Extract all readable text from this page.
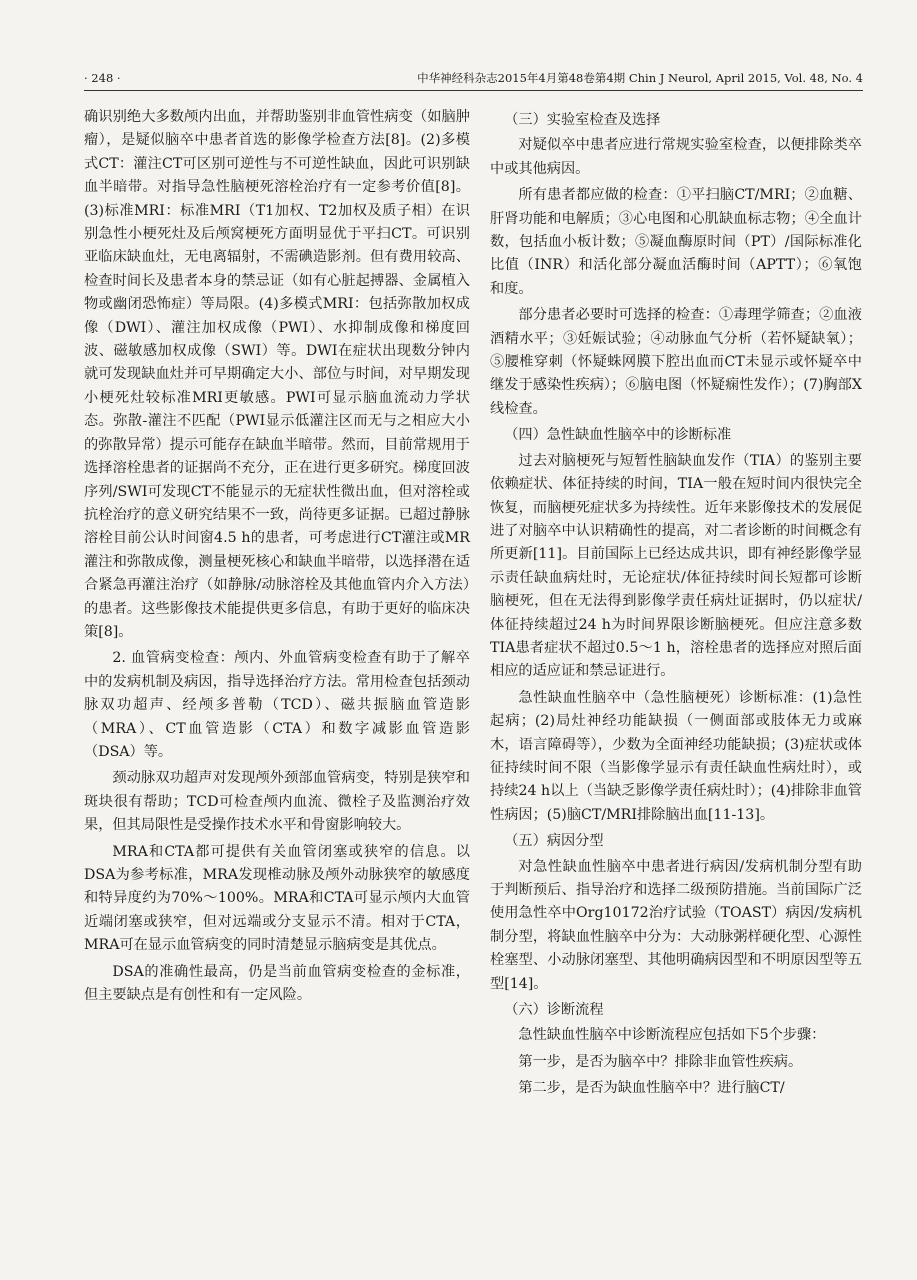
· 248 ·	中华神经科杂志2015年4月第48卷第4期 Chin J Neurol, April 2015, Vol. 48, No. 4

确识别绝大多数颅内出血，并帮助鉴别非血管性病变（如脑肿瘤），是疑似脑卒中患者首选的影像学检查方法[8]。(2)多模式CT：灌注CT可区别可逆性与不可逆性缺血，因此可识别缺血半暗带。对指导急性脑梗死溶栓治疗有一定参考价值[8]。(3)标准MRI：标准MRI（T1加权、T2加权及质子相）在识别急性小梗死灶及后颅窝梗死方面明显优于平扫CT。可识别亚临床缺血灶，无电离辐射，不需碘造影剂。但有费用较高、检查时间长及患者本身的禁忌证（如有心脏起搏器、金属植入物或幽闭恐怖症）等局限。(4)多模式MRI：包括弥散加权成像（DWI）、灌注加权成像（PWI）、水抑制成像和梯度回波、磁敏感加权成像（SWI）等。DWI在症状出现数分钟内就可发现缺血灶并可早期确定大小、部位与时间，对早期发现小梗死灶较标准MRI更敏感。PWI可显示脑血流动力学状态。弥散-灌注不匹配（PWI显示低灌注区而无与之相应大小的弥散异常）提示可能存在缺血半暗带。然而，目前常规用于选择溶栓患者的证据尚不充分，正在进行更多研究。梯度回波序列/SWI可发现CT不能显示的无症状性微出血，但对溶栓或抗栓治疗的意义研究结果不一致，尚待更多证据。已超过静脉溶栓目前公认时间窗4.5 h的患者，可考虑进行CT灌注或MR灌注和弥散成像，测量梗死核心和缺血半暗带，以选择潜在适合紧急再灌注治疗（如静脉/动脉溶栓及其他血管内介入方法）的患者。这些影像技术能提供更多信息，有助于更好的临床决策[8]。

2. 血管病变检查：颅内、外血管病变检查有助于了解卒中的发病机制及病因，指导选择治疗方法。常用检查包括颈动脉双功超声、经颅多普勒（TCD）、磁共振脑血管造影（MRA）、CT血管造影（CTA）和数字减影血管造影（DSA）等。

颈动脉双功超声对发现颅外颈部血管病变，特别是狭窄和斑块很有帮助；TCD可检查颅内血流、微栓子及监测治疗效果，但其局限性是受操作技术水平和骨窗影响较大。

MRA和CTA都可提供有关血管闭塞或狭窄的信息。以DSA为参考标准，MRA发现椎动脉及颅外动脉狭窄的敏感度和特异度约为70%～100%。MRA和CTA可显示颅内大血管近端闭塞或狭窄，但对远端或分支显示不清。相对于CTA，MRA可在显示血管病变的同时清楚显示脑病变是其优点。

DSA的准确性最高，仍是当前血管病变检查的金标准，但主要缺点是有创性和有一定风险。

（三）实验室检查及选择

对疑似卒中患者应进行常规实验室检查，以便排除类卒中或其他病因。

所有患者都应做的检查：①平扫脑CT/MRI；②血糖、肝肾功能和电解质；③心电图和心肌缺血标志物；④全血计数，包括血小板计数；⑤凝血酶原时间（PT）/国际标准化比值（INR）和活化部分凝血活酶时间（APTT）；⑥氧饱和度。

部分患者必要时可选择的检查：①毒理学筛查；②血液酒精水平；③妊娠试验；④动脉血气分析（若怀疑缺氧）；⑤腰椎穿刺（怀疑蛛网膜下腔出血而CT未显示或怀疑卒中继发于感染性疾病）；⑥脑电图（怀疑痫性发作）；(7)胸部X线检查。

（四）急性缺血性脑卒中的诊断标准

过去对脑梗死与短暂性脑缺血发作（TIA）的鉴别主要依赖症状、体征持续的时间，TIA一般在短时间内很快完全恢复，而脑梗死症状多为持续性。近年来影像技术的发展促进了对脑卒中认识精确性的提高，对二者诊断的时间概念有所更新[11]。目前国际上已经达成共识，即有神经影像学显示责任缺血病灶时，无论症状/体征持续时间长短都可诊断脑梗死，但在无法得到影像学责任病灶证据时，仍以症状/体征持续超过24 h为时间界限诊断脑梗死。但应注意多数TIA患者症状不超过0.5～1 h，溶栓患者的选择应对照后面相应的适应证和禁忌证进行。

急性缺血性脑卒中（急性脑梗死）诊断标准：(1)急性起病；(2)局灶神经功能缺损（一侧面部或肢体无力或麻木，语言障碍等），少数为全面神经功能缺损；(3)症状或体征持续时间不限（当影像学显示有责任缺血性病灶时），或持续24 h以上（当缺乏影像学责任病灶时）；(4)排除非血管性病因；(5)脑CT/MRI排除脑出血[11-13]。

（五）病因分型

对急性缺血性脑卒中患者进行病因/发病机制分型有助于判断预后、指导治疗和选择二级预防措施。当前国际广泛使用急性卒中Org10172治疗试验（TOAST）病因/发病机制分型，将缺血性脑卒中分为：大动脉粥样硬化型、心源性栓塞型、小动脉闭塞型、其他明确病因型和不明原因型等五型[14]。

（六）诊断流程

急性缺血性脑卒中诊断流程应包括如下5个步骤：

第一步，是否为脑卒中？排除非血管性疾病。

第二步，是否为缺血性脑卒中？进行脑CT/
